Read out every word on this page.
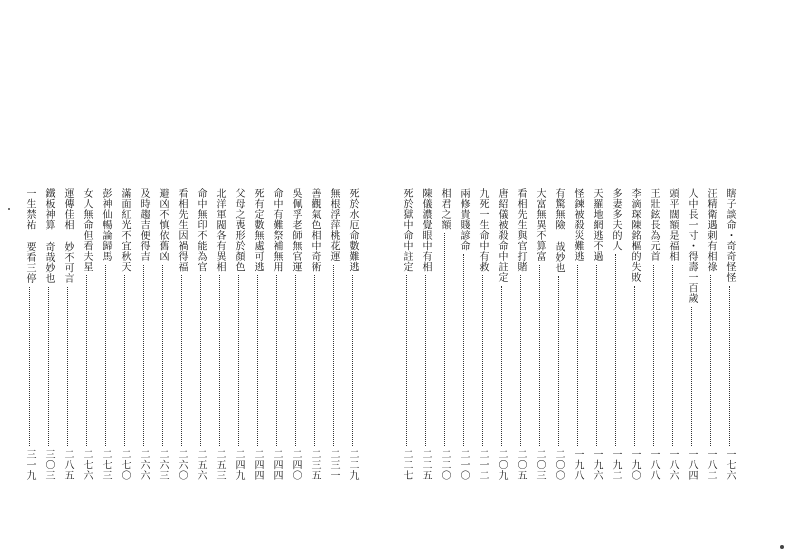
死於水厄命數難逃
二二九
無根浮萍桃花運
二三一
善觀氣色相中奇術
二三五
吳佩孚老師無官運
二四〇
命中有難祭補無用
二四四
死有定數無處可逃
二四四
父母之喪形於顏色
二四九
北洋軍閥各有異相
二五三
命中無印不能為官
二五六
看相先生因禍得福
二六〇
避凶不慎依舊凶
二六三
及時趨吉便得吉
二六六
滿面紅光不宜秋天
二七〇
彭神仙暢論歸馬
二七三
女人無命但看夫星
二七六
運傳佳相 妙不可言
二八五
鐵板神算 奇哉妙也
三〇三
一生禁祐 要看三停
三一九
瞎子談命・奇奇怪怪
一七六
汪精衛遇刺有相祿
一八二
人中長一寸・得壽一百歲
一八四
頭平闊額是福相
一八六
王壯鉉長為元首
一八八
李滴琛陳銘樞的失敗
一九〇
多妻多夫的人
一九二
天羅地網逃不過
一九六
怪鍊被殺災難逃
一九八
有驚無險 哉妙也
二〇〇
大富無異不算富
二〇三
看相先生與官打賭
二〇五
唐紹儀被殺命中註定
二〇九
九死一生命中有救
二一二
兩修貴賤諺命
二一〇
相君之額
二二〇
陳儀濃覺眼中有相
二二五
死於獄中命中註定
二二七
